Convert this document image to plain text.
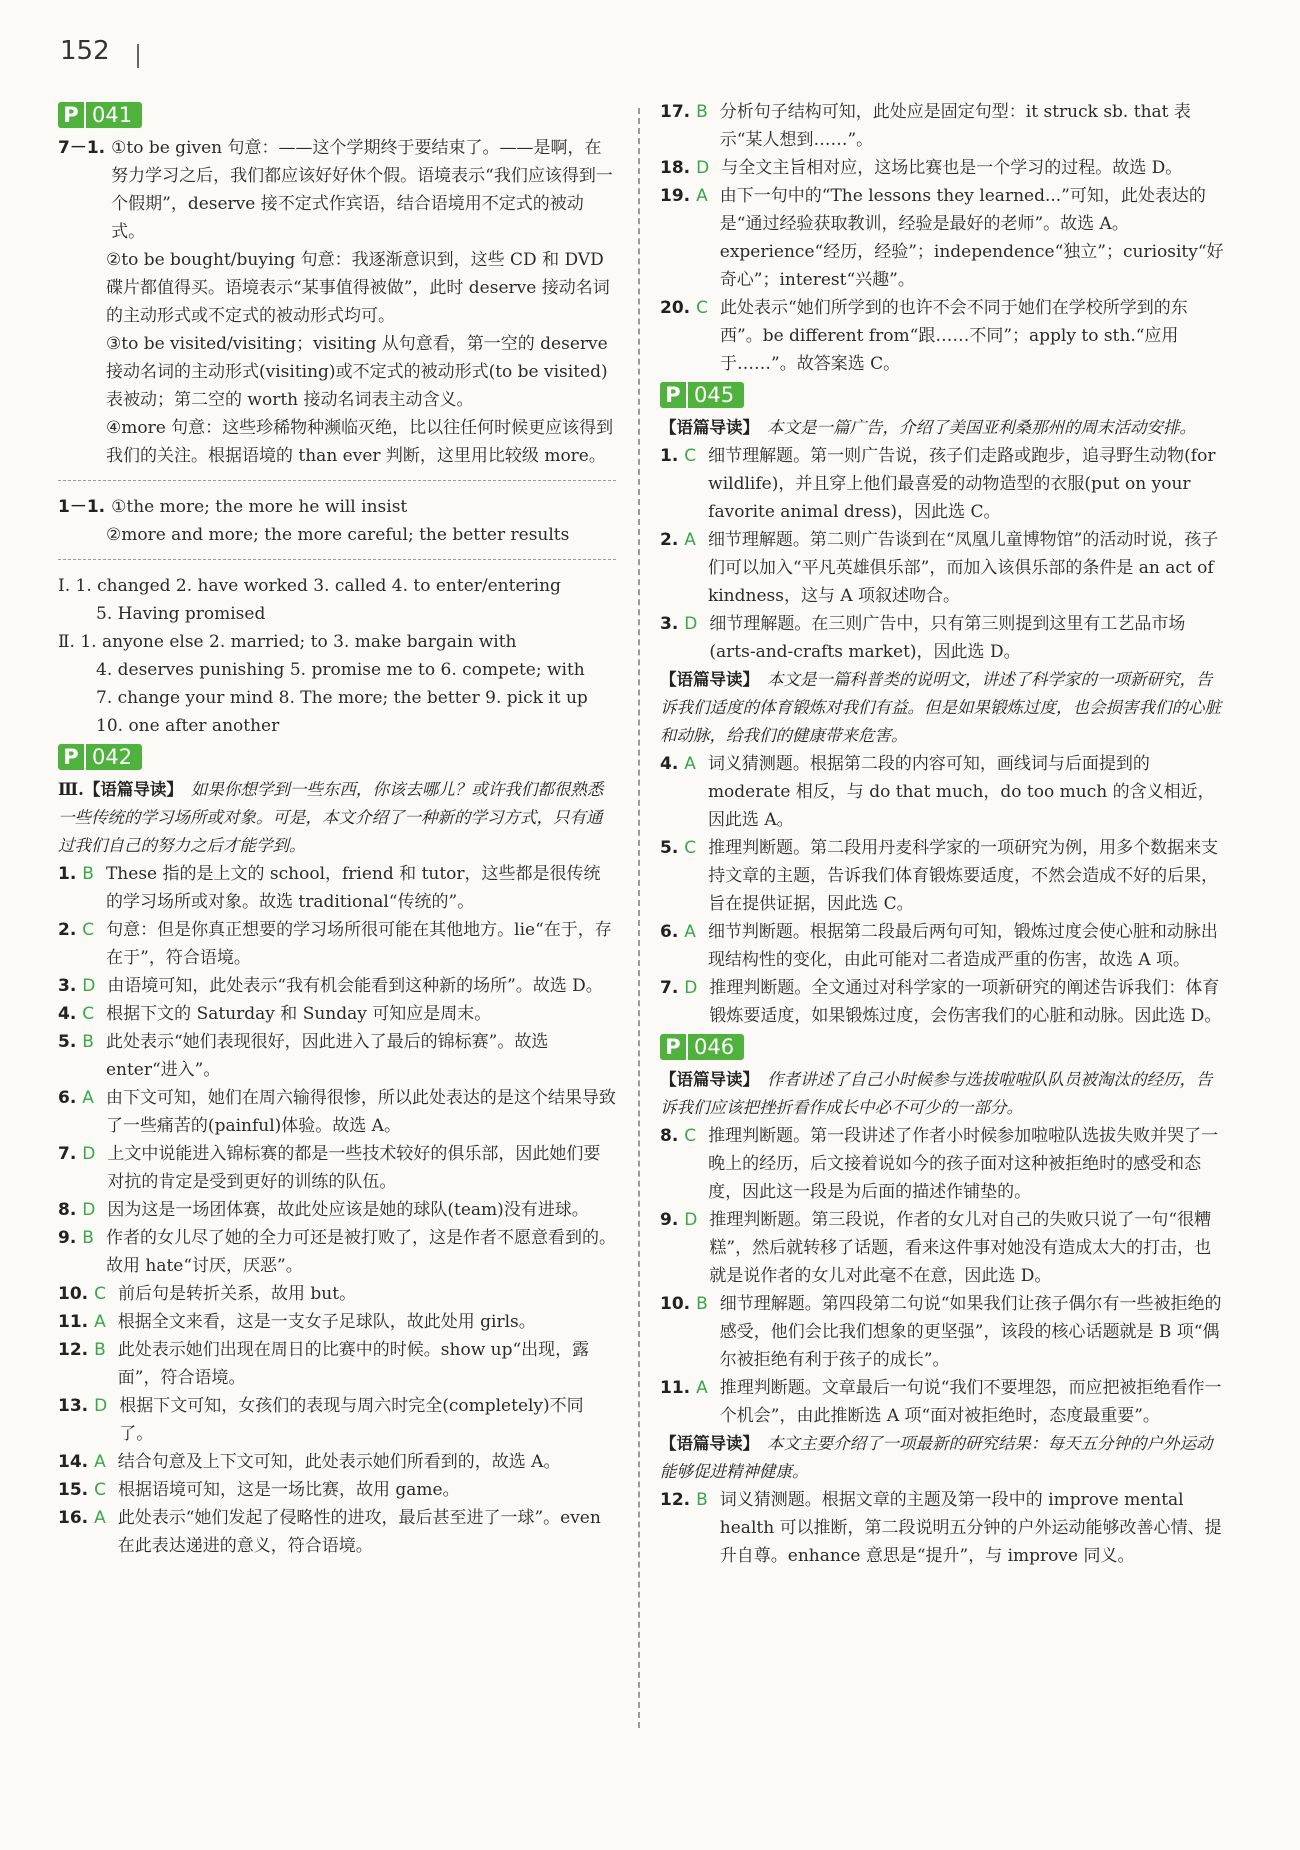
152
P 041
7－1. ①to be given 句意：——这个学期终于要结束了。——是啊，在努力学习之后，我们都应该好好休个假。语境表示“我们应该得到一个假期”，deserve 接不定式作宾语，结合语境用不定式的被动式。
②to be bought/buying 句意：我逐渐意识到，这些 CD 和 DVD 碟片都值得买。语境表示“某事值得被做”，此时 deserve 接动名词的主动形式或不定式的被动形式均可。
③to be visited/visiting；visiting 从句意看，第一空的 deserve 接动名词的主动形式(visiting)或不定式的被动形式(to be visited)表被动；第二空的 worth 接动名词表主动含义。
④more 句意：这些珍稀物种濒临灭绝，比以往任何时候更应该得到我们的关注。根据语境的 than ever 判断，这里用比较级 more。
1－1. ①the more; the more he will insist
②more and more; the more careful; the better results
Ⅰ. 1. changed 2. have worked 3. called 4. to enter/entering
5. Having promised
Ⅱ. 1. anyone else 2. married; to 3. make bargain with
4. deserves punishing 5. promise me to 6. compete; with
7. change your mind 8. The more; the better 9. pick it up
10. one after another
P 042

Ⅲ.【语篇导读】 如果你想学到一些东西，你该去哪儿？或许我们都很熟悉一些传统的学习场所或对象。可是，本文介绍了一种新的学习方式，只有通过我们自己的努力之后才能学到。

1. B These 指的是上文的 school，friend 和 tutor，这些都是很传统的学习场所或对象。故选 traditional“传统的”。
2. C 句意：但是你真正想要的学习场所很可能在其他地方。lie“在于，存在于”，符合语境。
3. D 由语境可知，此处表示“我有机会能看到这种新的场所”。故选 D。
4. C 根据下文的 Saturday 和 Sunday 可知应是周末。
5. B 此处表示“她们表现很好，因此进入了最后的锦标赛”。故选 enter“进入”。
6. A 由下文可知，她们在周六输得很惨，所以此处表达的是这个结果导致了一些痛苦的(painful)体验。故选 A。
7. D 上文中说能进入锦标赛的都是一些技术较好的俱乐部，因此她们要对抗的肯定是受到更好的训练的队伍。
8. D 因为这是一场团体赛，故此处应该是她的球队(team)没有进球。
9. B 作者的女儿尽了她的全力可还是被打败了，这是作者不愿意看到的。故用 hate“讨厌，厌恶”。
10. C 前后句是转折关系，故用 but。
11. A 根据全文来看，这是一支女子足球队，故此处用 girls。
12. B 此处表示她们出现在周日的比赛中的时候。show up“出现，露面”，符合语境。
13. D 根据下文可知，女孩们的表现与周六时完全(completely)不同了。
14. A 结合句意及上下文可知，此处表示她们所看到的，故选 A。
15. C 根据语境可知，这是一场比赛，故用 game。
16. A 此处表示“她们发起了侵略性的进攻，最后甚至进了一球”。even 在此表达递进的意义，符合语境。
17. B 分析句子结构可知，此处应是固定句型：it struck sb. that 表示“某人想到……”。
18. D 与全文主旨相对应，这场比赛也是一个学习的过程。故选 D。
19. A 由下一句中的“The lessons they learned...”可知，此处表达的是“通过经验获取教训，经验是最好的老师”。故选 A。experience“经历，经验”；independence“独立”；curiosity“好奇心”；interest“兴趣”。
20. C 此处表示“她们所学到的也许不会不同于她们在学校所学到的东西”。be different from“跟……不同”；apply to sth.“应用于……”。故答案选 C。
P 045

【语篇导读】 本文是一篇广告，介绍了美国亚利桑那州的周末活动安排。

1. C 细节理解题。第一则广告说，孩子们走路或跑步，追寻野生动物(for wildlife)，并且穿上他们最喜爱的动物造型的衣服(put on your favorite animal dress)，因此选 C。
2. A 细节理解题。第二则广告谈到在“凤凰儿童博物馆”的活动时说，孩子们可以加入“平凡英雄俱乐部”，而加入该俱乐部的条件是 an act of kindness，这与 A 项叙述吻合。
3. D 细节理解题。在三则广告中，只有第三则提到这里有工艺品市场(arts-and-crafts market)，因此选 D。

【语篇导读】 本文是一篇科普类的说明文，讲述了科学家的一项新研究，告诉我们适度的体育锻炼对我们有益。但是如果锻炼过度，也会损害我们的心脏和动脉，给我们的健康带来危害。

4. A 词义猜测题。根据第二段的内容可知，画线词与后面提到的 moderate 相反，与 do that much，do too much 的含义相近，因此选 A。
5. C 推理判断题。第二段用丹麦科学家的一项研究为例，用多个数据来支持文章的主题，告诉我们体育锻炼要适度，不然会造成不好的后果，旨在提供证据，因此选 C。
6. A 细节判断题。根据第二段最后两句可知，锻炼过度会使心脏和动脉出现结构性的变化，由此可能对二者造成严重的伤害，故选 A 项。
7. D 推理判断题。全文通过对科学家的一项新研究的阐述告诉我们：体育锻炼要适度，如果锻炼过度，会伤害我们的心脏和动脉。因此选 D。
P 046

【语篇导读】 作者讲述了自己小时候参与选拔啦啦队队员被淘汰的经历，告诉我们应该把挫折看作成长中必不可少的一部分。

8. C 推理判断题。第一段讲述了作者小时候参加啦啦队选拔失败并哭了一晚上的经历，后文接着说如今的孩子面对这种被拒绝时的感受和态度，因此这一段是为后面的描述作铺垫的。
9. D 推理判断题。第三段说，作者的女儿对自己的失败只说了一句“很糟糕”，然后就转移了话题，看来这件事对她没有造成太大的打击，也就是说作者的女儿对此毫不在意，因此选 D。
10. B 细节理解题。第四段第二句说“如果我们让孩子偶尔有一些被拒绝的感受，他们会比我们想象的更坚强”，该段的核心话题就是 B 项“偶尔被拒绝有利于孩子的成长”。
11. A 推理判断题。文章最后一句说“我们不要埋怨，而应把被拒绝看作一个机会”，由此推断选 A 项“面对被拒绝时，态度最重要”。

【语篇导读】 本文主要介绍了一项最新的研究结果：每天五分钟的户外运动能够促进精神健康。

12. B 词义猜测题。根据文章的主题及第一段中的 improve mental health 可以推断，第二段说明五分钟的户外运动能够改善心情、提升自尊。enhance 意思是“提升”，与 improve 同义。
